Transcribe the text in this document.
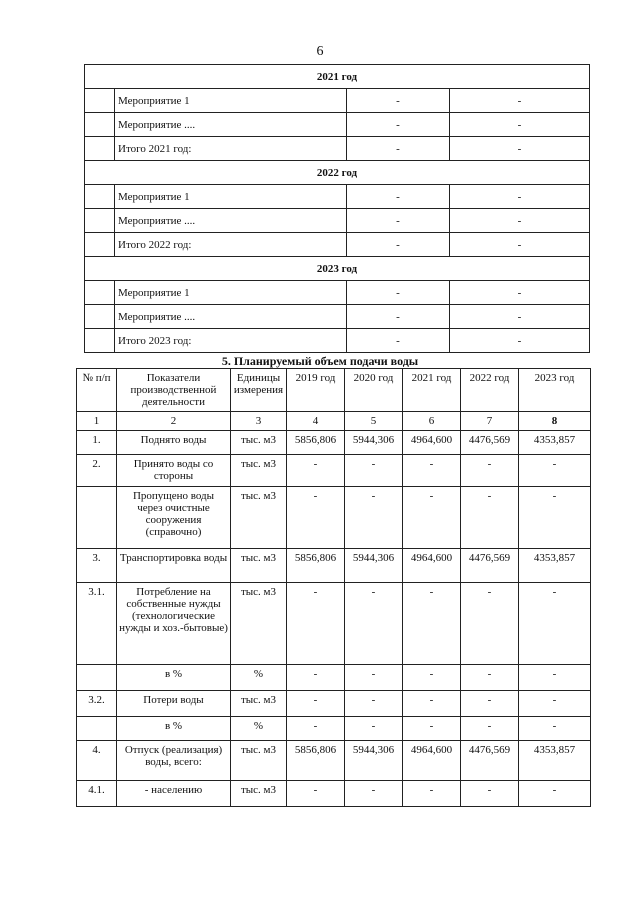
6
2021 год			
	Мероприятие 1	-	-
	Мероприятие ....	-	-
	Итого 2021 год:	-	-
2022 год			
	Мероприятие 1	-	-
	Мероприятие ....	-	-
	Итого 2022 год:	-	-
2023 год			
	Мероприятие 1	-	-
	Мероприятие ....	-	-
	Итого 2023 год:	-	-
5. Планируемый объем подачи воды
№ п/п	Показатели производственной деятельности	Единицы измерения	2019 год	2020 год	2021 год	2022 год	2023 год
1	2	3	4	5	6	7	8
1.	Поднято воды	тыс. м3	5856,806	5944,306	4964,600	4476,569	4353,857
2.	Принято воды со стороны	тыс. м3	-	-	-	-	-
	Пропущено воды через очистные сооружения (справочно)	тыс. м3	-	-	-	-	-
3.	Транспортировка воды	тыс. м3	5856,806	5944,306	4964,600	4476,569	4353,857
3.1.	Потребление на собственные нужды (технологические нужды и хоз.-бытовые)	тыс. м3	-	-	-	-	-
	в %	%	-	-	-	-	-
3.2.	Потери воды	тыс. м3	-	-	-	-	-
	в %	%	-	-	-	-	-
4.	Отпуск (реализация) воды, всего:	тыс. м3	5856,806	5944,306	4964,600	4476,569	4353,857
4.1.	- населению	тыс. м3	-	-	-	-	-
